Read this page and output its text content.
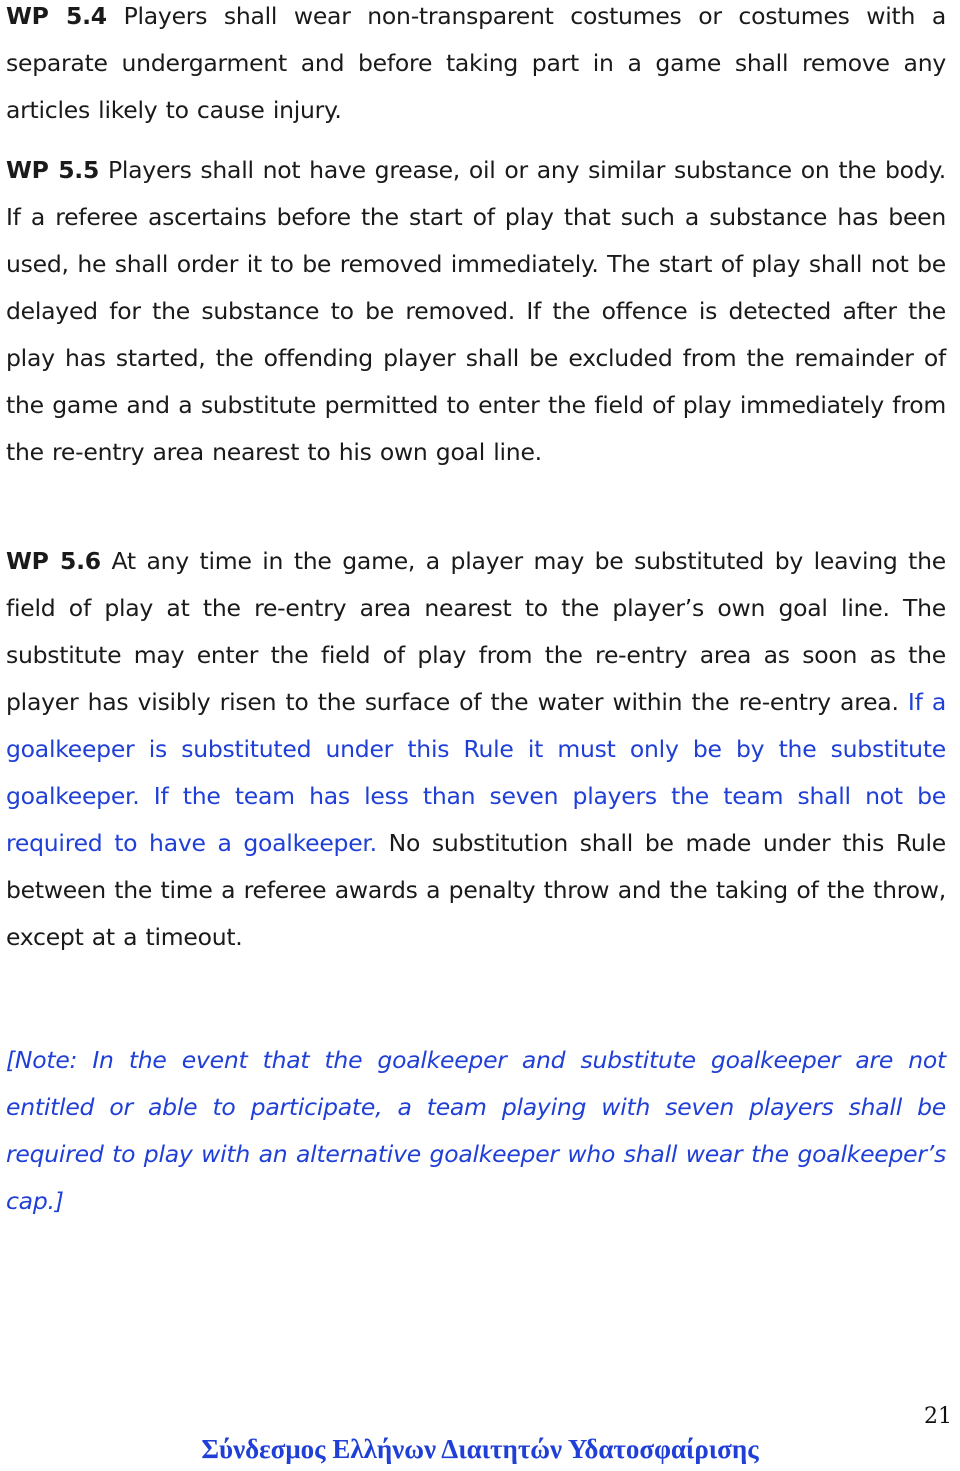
WP 5.4 Players shall wear non-transparent costumes or costumes with a separate undergarment and before taking part in a game shall remove any articles likely to cause injury.

WP 5.5 Players shall not have grease, oil or any similar substance on the body. If a referee ascertains before the start of play that such a substance has been used, he shall order it to be removed immediately. The start of play shall not be delayed for the substance to be removed. If the offence is detected after the play has started, the offending player shall be excluded from the remainder of the game and a substitute permitted to enter the field of play immediately from the re-entry area nearest to his own goal line.

WP 5.6 At any time in the game, a player may be substituted by leaving the field of play at the re-entry area nearest to the player’s own goal line. The substitute may enter the field of play from the re-entry area as soon as the player has visibly risen to the surface of the water within the re-entry area. If a goalkeeper is substituted under this Rule it must only be by the substitute goalkeeper. If the team has less than seven players the team shall not be required to have a goalkeeper. No substitution shall be made under this Rule between the time a referee awards a penalty throw and the taking of the throw, except at a timeout.

[Note: In the event that the goalkeeper and substitute goalkeeper are not entitled or able to participate, a team playing with seven players shall be required to play with an alternative goalkeeper who shall wear the goalkeeper’s cap.]

21

Σύνδεσμος Ελλήνων Διαιτητών Υδατοσφαίρισης
